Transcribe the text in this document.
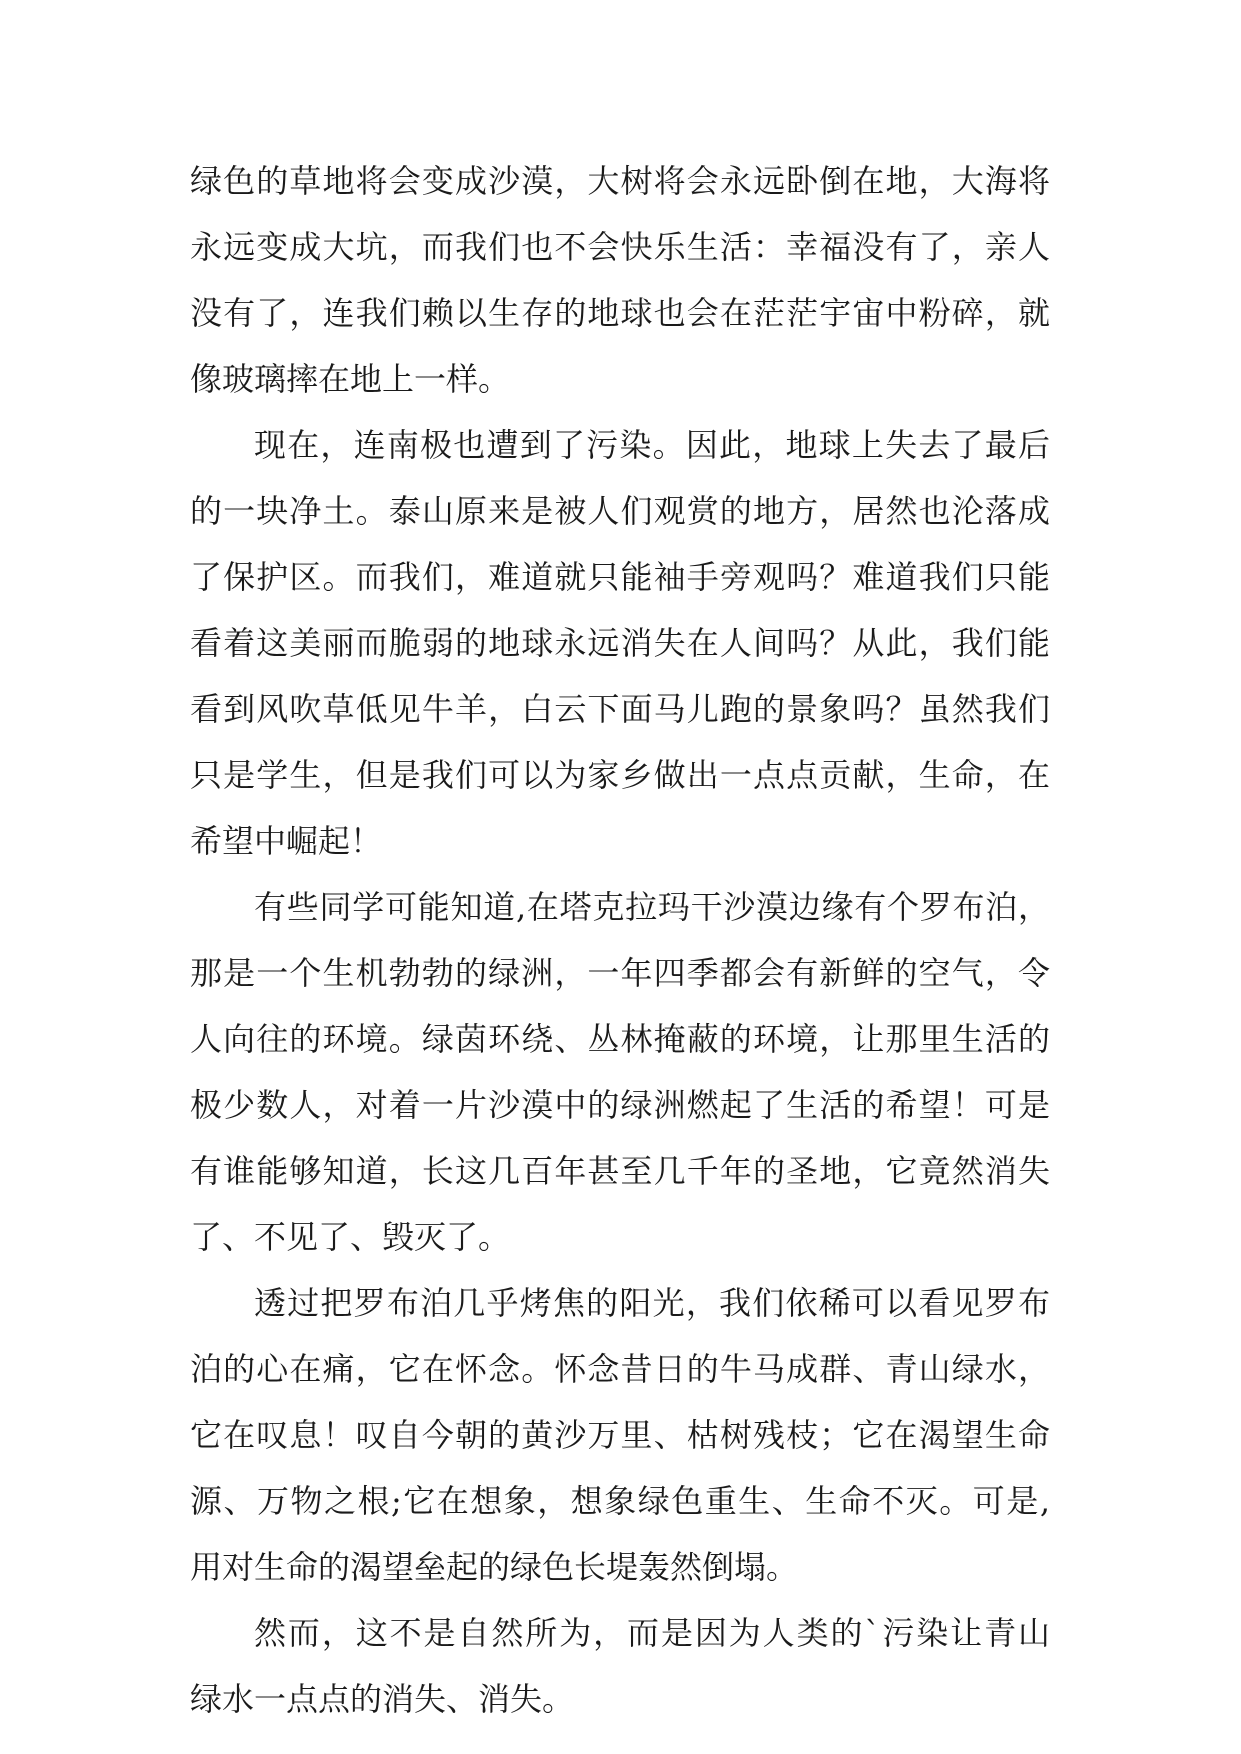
绿色的草地将会变成沙漠，大树将会永远卧倒在地，大海将
永远变成大坑，而我们也不会快乐生活：幸福没有了，亲人
没有了，连我们赖以生存的地球也会在茫茫宇宙中粉碎，就
像玻璃摔在地上一样。
现在，连南极也遭到了污染。因此，地球上失去了最后
的一块净土。泰山原来是被人们观赏的地方，居然也沦落成
了保护区。而我们，难道就只能袖手旁观吗？难道我们只能
看着这美丽而脆弱的地球永远消失在人间吗？从此，我们能
看到风吹草低见牛羊，白云下面马儿跑的景象吗？虽然我们
只是学生，但是我们可以为家乡做出一点点贡献，生命，在
希望中崛起！
有些同学可能知道,在塔克拉玛干沙漠边缘有个罗布泊，
那是一个生机勃勃的绿洲，一年四季都会有新鲜的空气，令
人向往的环境。绿茵环绕、丛林掩蔽的环境，让那里生活的
极少数人，对着一片沙漠中的绿洲燃起了生活的希望！可是
有谁能够知道，长这几百年甚至几千年的圣地，它竟然消失
了、不见了、毁灭了。
透过把罗布泊几乎烤焦的阳光，我们依稀可以看见罗布
泊的心在痛，它在怀念。怀念昔日的牛马成群、青山绿水，
它在叹息！叹自今朝的黄沙万里、枯树残枝；它在渴望生命
源、万物之根;它在想象，想象绿色重生、生命不灭。可是,
用对生命的渴望垒起的绿色长堤轰然倒塌。
然而，这不是自然所为，而是因为人类的`污染让青山
绿水一点点的消失、消失。
